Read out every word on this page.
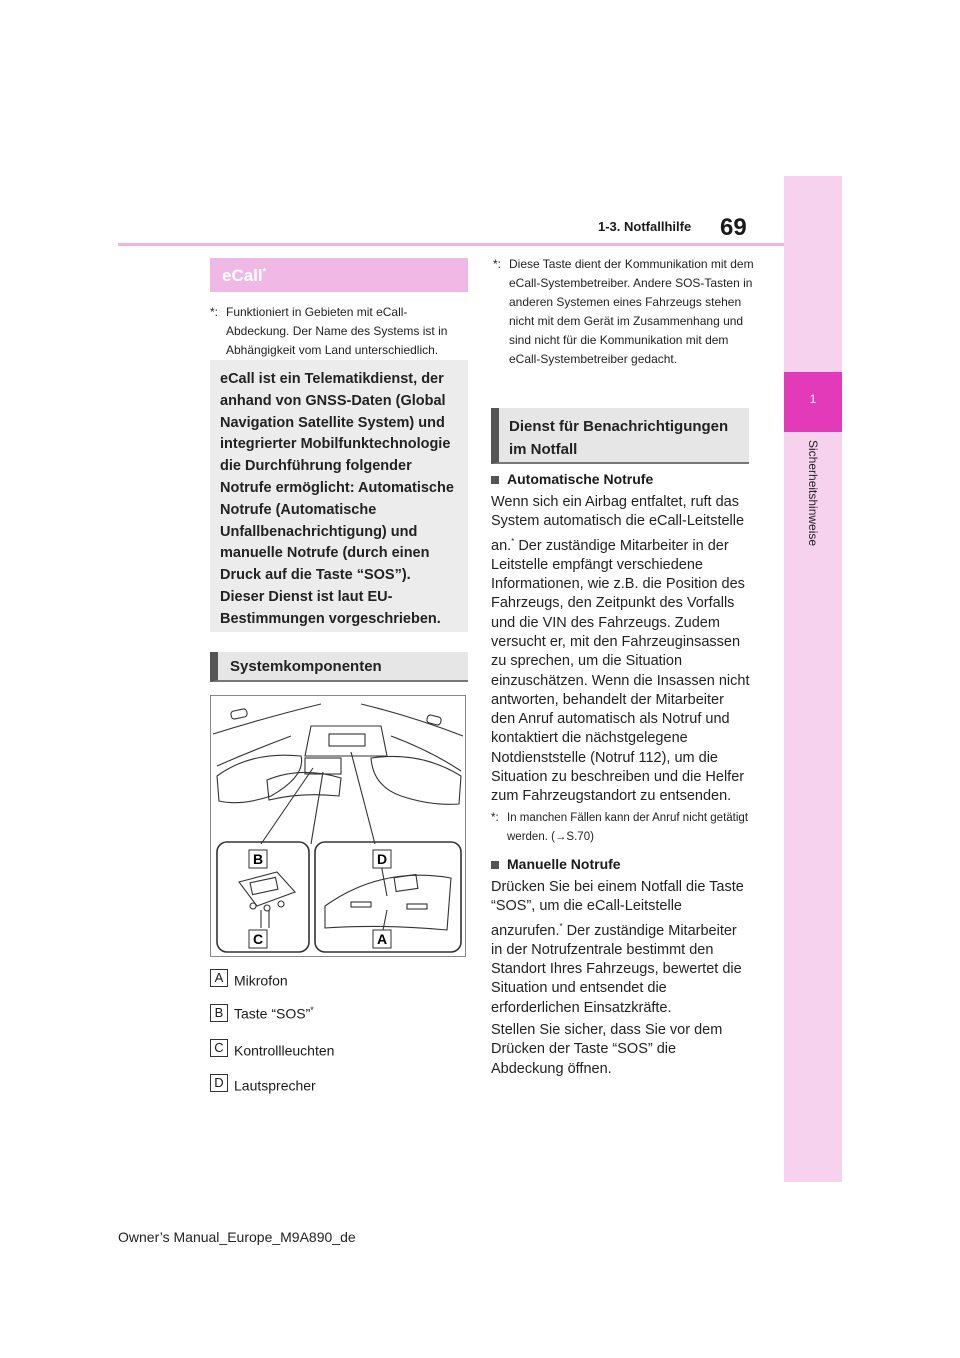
1
Sicherheitshinweise
1-3. Notfallhilfe 69
eCall*
*: Funktioniert in Gebieten mit eCall-Abdeckung. Der Name des Systems ist in Abhängigkeit vom Land unterschiedlich.
eCall ist ein Telematikdienst, der anhand von GNSS-Daten (Global Navigation Satellite System) und integrierter Mobilfunktechnologie die Durchführung folgender Notrufe ermöglicht: Automatische Notrufe (Automatische Unfallbenachrichtigung) und manuelle Notrufe (durch einen Druck auf die Taste “SOS”). Dieser Dienst ist laut EU-Bestimmungen vorgeschrieben.
Systemkomponenten
B	D
C	A
A Mikrofon
B Taste “SOS”*
C Kontrollleuchten
D Lautsprecher
*: Diese Taste dient der Kommunikation mit dem eCall-Systembetreiber. Andere SOS-Tasten in anderen Systemen eines Fahrzeugs stehen nicht mit dem Gerät im Zusammenhang und sind nicht für die Kommunikation mit dem eCall-Systembetreiber gedacht.
Dienst für Benachrichtigungen im Notfall
Automatische Notrufe
Wenn sich ein Airbag entfaltet, ruft das System automatisch die eCall-Leitstelle an.* Der zuständige Mitarbeiter in der Leitstelle empfängt verschiedene Informationen, wie z.B. die Position des Fahrzeugs, den Zeitpunkt des Vorfalls und die VIN des Fahrzeugs. Zudem versucht er, mit den Fahrzeuginsassen zu sprechen, um die Situation einzuschätzen. Wenn die Insassen nicht antworten, behandelt der Mitarbeiter den Anruf automatisch als Notruf und kontaktiert die nächstgelegene Notdienststelle (Notruf 112), um die Situation zu beschreiben und die Helfer zum Fahrzeugstandort zu entsenden.
*: In manchen Fällen kann der Anruf nicht getätigt werden. (→S.70)
Manuelle Notrufe
Drücken Sie bei einem Notfall die Taste “SOS”, um die eCall-Leitstelle anzurufen.* Der zuständige Mitarbeiter in der Notrufzentrale bestimmt den Standort Ihres Fahrzeugs, bewertet die Situation und entsendet die erforderlichen Einsatzkräfte.
Stellen Sie sicher, dass Sie vor dem Drücken der Taste “SOS” die Abdeckung öffnen.
Owner’s Manual_Europe_M9A890_de
